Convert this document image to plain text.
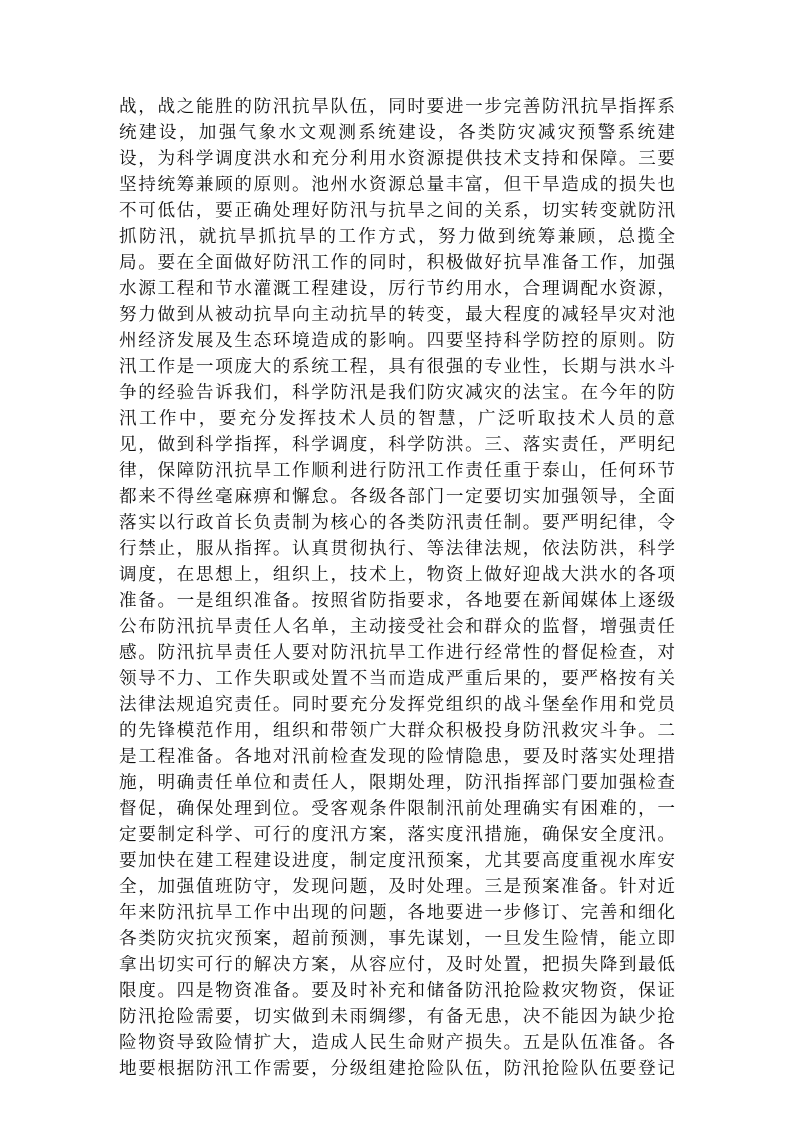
战，战之能胜的防汛抗旱队伍，同时要进一步完善防汛抗旱指挥系
统建设，加强气象水文观测系统建设，各类防灾减灾预警系统建
设，为科学调度洪水和充分利用水资源提供技术支持和保障。三要
坚持统筹兼顾的原则。池州水资源总量丰富，但干旱造成的损失也
不可低估，要正确处理好防汛与抗旱之间的关系，切实转变就防汛
抓防汛，就抗旱抓抗旱的工作方式，努力做到统筹兼顾，总揽全
局。要在全面做好防汛工作的同时，积极做好抗旱准备工作，加强
水源工程和节水灌溉工程建设，厉行节约用水，合理调配水资源，
努力做到从被动抗旱向主动抗旱的转变，最大程度的减轻旱灾对池
州经济发展及生态环境造成的影响。四要坚持科学防控的原则。防
汛工作是一项庞大的系统工程，具有很强的专业性，长期与洪水斗
争的经验告诉我们，科学防汛是我们防灾减灾的法宝。在今年的防
汛工作中，要充分发挥技术人员的智慧，广泛听取技术人员的意
见，做到科学指挥，科学调度，科学防洪。三、落实责任，严明纪
律，保障防汛抗旱工作顺利进行防汛工作责任重于泰山，任何环节
都来不得丝毫麻痹和懈怠。各级各部门一定要切实加强领导，全面
落实以行政首长负责制为核心的各类防汛责任制。要严明纪律，令
行禁止，服从指挥。认真贯彻执行、等法律法规，依法防洪，科学
调度，在思想上，组织上，技术上，物资上做好迎战大洪水的各项
准备。一是组织准备。按照省防指要求，各地要在新闻媒体上逐级
公布防汛抗旱责任人名单，主动接受社会和群众的监督，增强责任
感。防汛抗旱责任人要对防汛抗旱工作进行经常性的督促检查，对
领导不力、工作失职或处置不当而造成严重后果的，要严格按有关
法律法规追究责任。同时要充分发挥党组织的战斗堡垒作用和党员
的先锋模范作用，组织和带领广大群众积极投身防汛救灾斗争。二
是工程准备。各地对汛前检查发现的险情隐患，要及时落实处理措
施，明确责任单位和责任人，限期处理，防汛指挥部门要加强检查
督促，确保处理到位。受客观条件限制汛前处理确实有困难的，一
定要制定科学、可行的度汛方案，落实度汛措施，确保安全度汛。
要加快在建工程建设进度，制定度汛预案，尤其要高度重视水库安
全，加强值班防守，发现问题，及时处理。三是预案准备。针对近
年来防汛抗旱工作中出现的问题，各地要进一步修订、完善和细化
各类防灾抗灾预案，超前预测，事先谋划，一旦发生险情，能立即
拿出切实可行的解决方案，从容应付，及时处置，把损失降到最低
限度。四是物资准备。要及时补充和储备防汛抢险救灾物资，保证
防汛抢险需要，切实做到未雨绸缪，有备无患，决不能因为缺少抢
险物资导致险情扩大，造成人民生命财产损失。五是队伍准备。各
地要根据防汛工作需要，分级组建抢险队伍，防汛抢险队伍要登记
